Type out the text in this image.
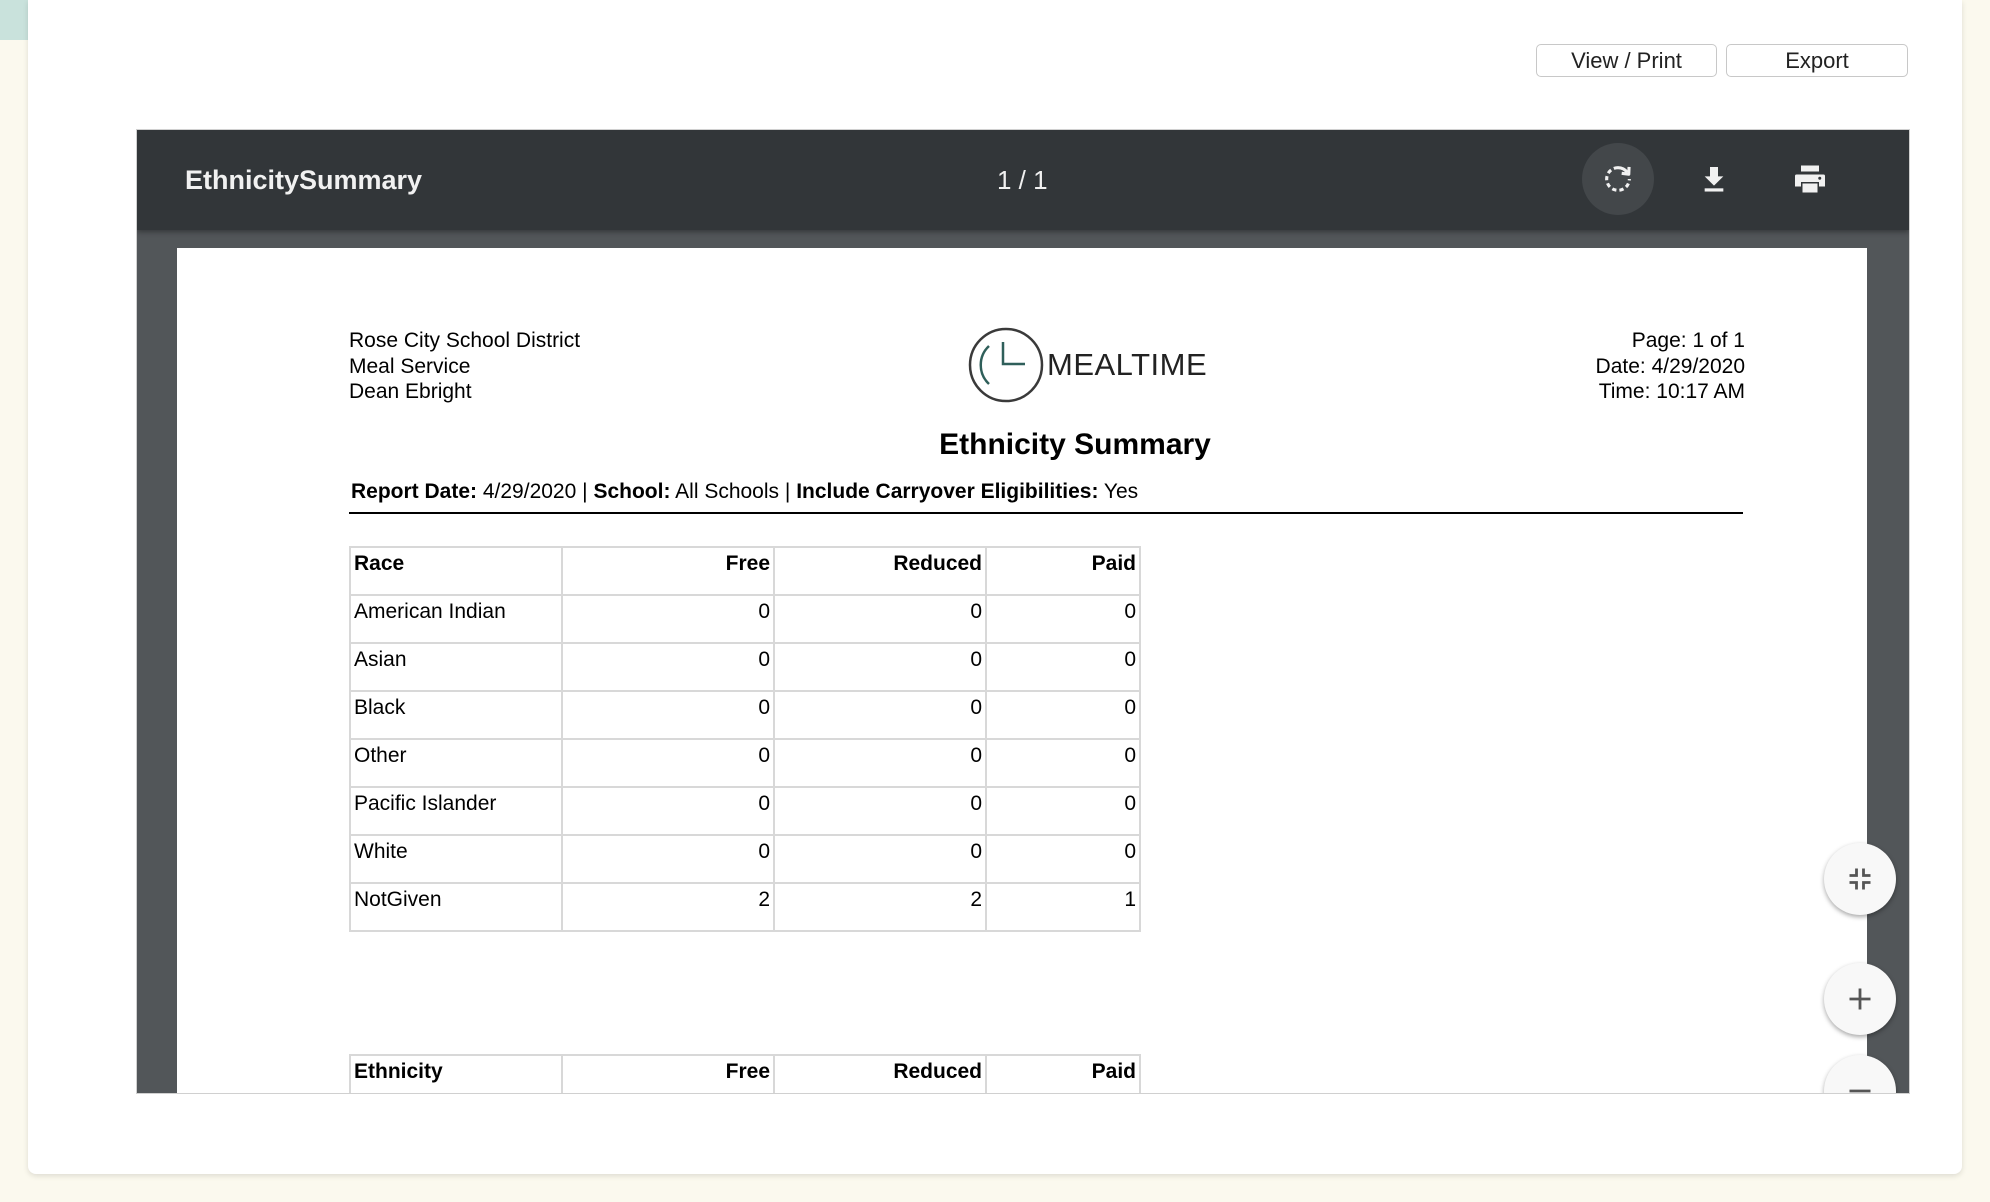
View / Print	Export
EthnicitySummary	1 / 1
Rose City School District
Meal Service
Dean Ebright
MEALTIME
Page: 1 of 1
Date: 4/29/2020
Time: 10:17 AM
Ethnicity Summary
Report Date: 4/29/2020 | School: All Schools | Include Carryover Eligibilities: Yes
Race	Free	Reduced	Paid
American Indian	0	0	0
Asian	0	0	0
Black	0	0	0
Other	0	0	0
Pacific Islander	0	0	0
White	0	0	0
NotGiven	2	2	1
Ethnicity	Free	Reduced	Paid
